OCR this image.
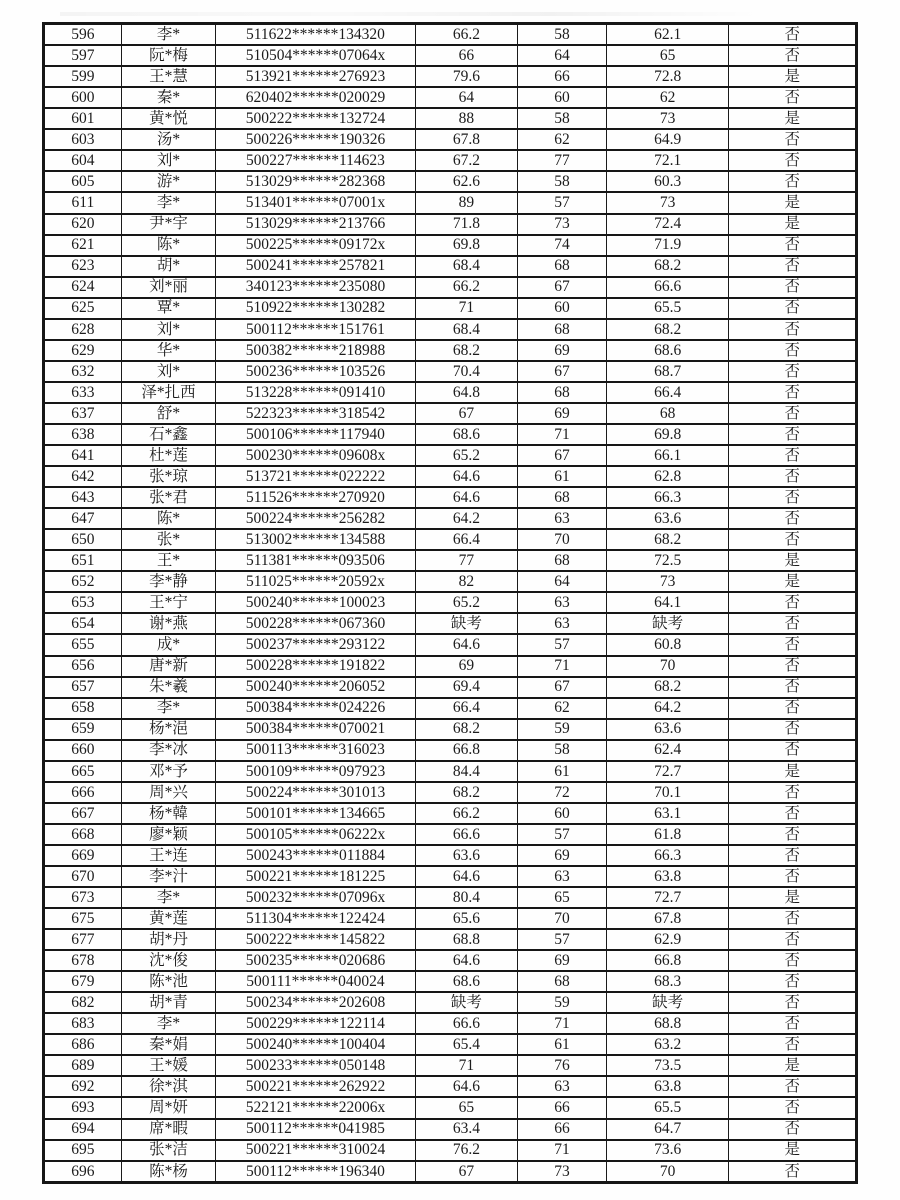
596	李*	511622******134320	66.2	58	62.1	否
597	阮*梅	510504******07064x	66	64	65	否
599	王*慧	513921******276923	79.6	66	72.8	是
600	秦*	620402******020029	64	60	62	否
601	黄*悦	500222******132724	88	58	73	是
603	汤*	500226******190326	67.8	62	64.9	否
604	刘*	500227******114623	67.2	77	72.1	否
605	游*	513029******282368	62.6	58	60.3	否
611	李*	513401******07001x	89	57	73	是
620	尹*宇	513029******213766	71.8	73	72.4	是
621	陈*	500225******09172x	69.8	74	71.9	否
623	胡*	500241******257821	68.4	68	68.2	否
624	刘*丽	340123******235080	66.2	67	66.6	否
625	覃*	510922******130282	71	60	65.5	否
628	刘*	500112******151761	68.4	68	68.2	否
629	华*	500382******218988	68.2	69	68.6	否
632	刘*	500236******103526	70.4	67	68.7	否
633	泽*扎西	513228******091410	64.8	68	66.4	否
637	舒*	522323******318542	67	69	68	否
638	石*鑫	500106******117940	68.6	71	69.8	否
641	杜*莲	500230******09608x	65.2	67	66.1	否
642	张*琼	513721******022222	64.6	61	62.8	否
643	张*君	511526******270920	64.6	68	66.3	否
647	陈*	500224******256282	64.2	63	63.6	否
650	张*	513002******134588	66.4	70	68.2	否
651	王*	511381******093506	77	68	72.5	是
652	李*静	511025******20592x	82	64	73	是
653	王*宁	500240******100023	65.2	63	64.1	否
654	谢*燕	500228******067360	缺考	63	缺考	否
655	成*	500237******293122	64.6	57	60.8	否
656	唐*新	500228******191822	69	71	70	否
657	朱*羲	500240******206052	69.4	67	68.2	否
658	李*	500384******024226	66.4	62	64.2	否
659	杨*浥	500384******070021	68.2	59	63.6	否
660	李*冰	500113******316023	66.8	58	62.4	否
665	邓*予	500109******097923	84.4	61	72.7	是
666	周*兴	500224******301013	68.2	72	70.1	否
667	杨*韓	500101******134665	66.2	60	63.1	否
668	廖*颖	500105******06222x	66.6	57	61.8	否
669	王*连	500243******011884	63.6	69	66.3	否
670	李*汁	500221******181225	64.6	63	63.8	否
673	李*	500232******07096x	80.4	65	72.7	是
675	黄*莲	511304******122424	65.6	70	67.8	否
677	胡*丹	500222******145822	68.8	57	62.9	否
678	沈*俊	500235******020686	64.6	69	66.8	否
679	陈*池	500111******040024	68.6	68	68.3	否
682	胡*青	500234******202608	缺考	59	缺考	否
683	李*	500229******122114	66.6	71	68.8	否
686	秦*娟	500240******100404	65.4	61	63.2	否
689	王*媛	500233******050148	71	76	73.5	是
692	徐*淇	500221******262922	64.6	63	63.8	否
693	周*妍	522121******22006x	65	66	65.5	否
694	席*暇	500112******041985	63.4	66	64.7	否
695	张*洁	500221******310024	76.2	71	73.6	是
696	陈*杨	500112******196340	67	73	70	否
